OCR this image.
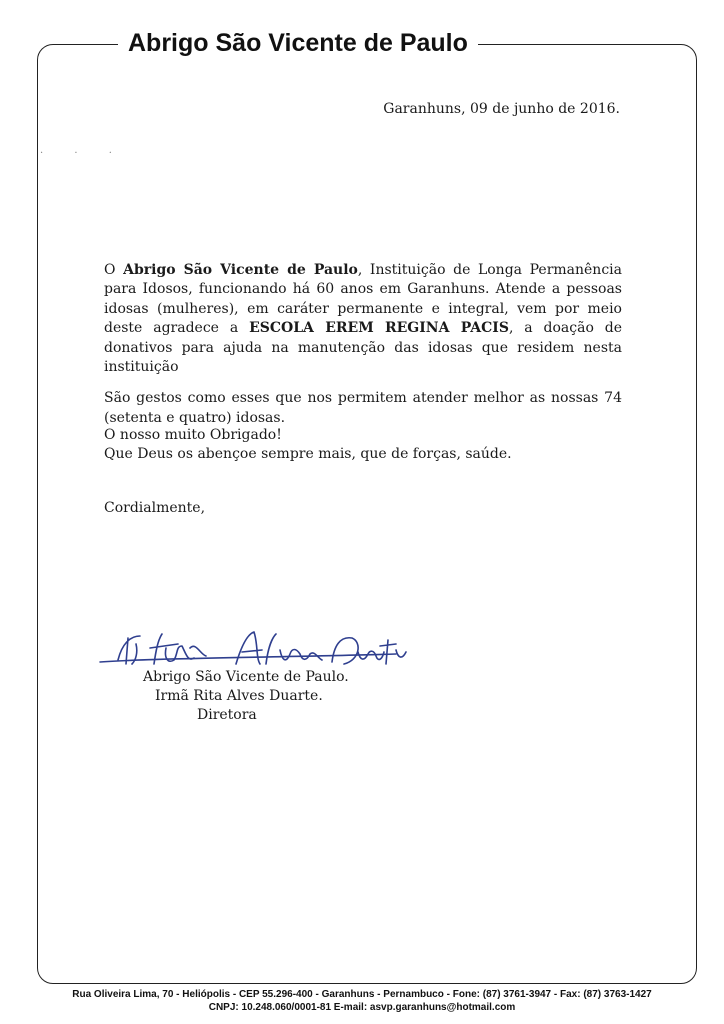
Abrigo São Vicente de Paulo
· · ·
Garanhuns, 09 de junho de 2016.

O Abrigo São Vicente de Paulo, Instituição de Longa Permanência para Idosos, funcionando há 60 anos em Garanhuns. Atende a pessoas idosas (mulheres), em caráter permanente e integral, vem por meio deste agradece a ESCOLA EREM REGINA PACIS, a doação de donativos para ajuda na manutenção das idosas que residem nesta instituição

São gestos como esses que nos permitem atender melhor as nossas 74 (setenta e quatro) idosas.

O nosso muito Obrigado!
Que Deus os abençoe sempre mais, que de forças, saúde.
Cordialmente,
Abrigo São Vicente de Paulo.
Irmã Rita Alves Duarte.
Diretora
Rua Oliveira Lima, 70 - Heliópolis - CEP 55.296-400 - Garanhuns - Pernambuco - Fone: (87) 3761-3947 - Fax: (87) 3763-1427
CNPJ: 10.248.060/0001-81 E-mail: asvp.garanhuns@hotmail.com
